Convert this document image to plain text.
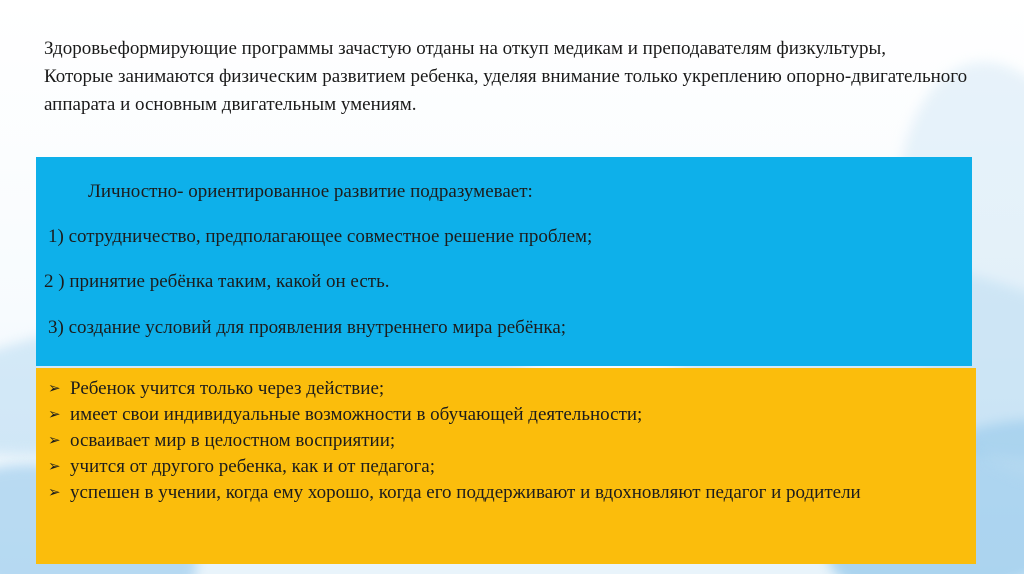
Здоровьеформирующие программы зачастую отданы на откуп медикам и преподавателям физкультуры,

Которые занимаются физическим развитием ребенка, уделяя внимание только укреплению опорно-двигательного аппарата и основным двигательным умениям.

Личностно- ориентированное развитие подразумевает:
1) сотрудничество, предполагающее совместное решение проблем;
2 ) принятие ребёнка таким, какой он есть.
3) создание условий для проявления внутреннего мира ребёнка;
➢ Ребенок учится только через действие;
➢ имеет свои индивидуальные возможности в обучающей деятельности;
➢ осваивает мир в целостном восприятии;
➢ учится от другого ребенка, как и от педагога;
➢ успешен в учении, когда ему хорошо, когда его поддерживают и вдохновляют педагог и родители
